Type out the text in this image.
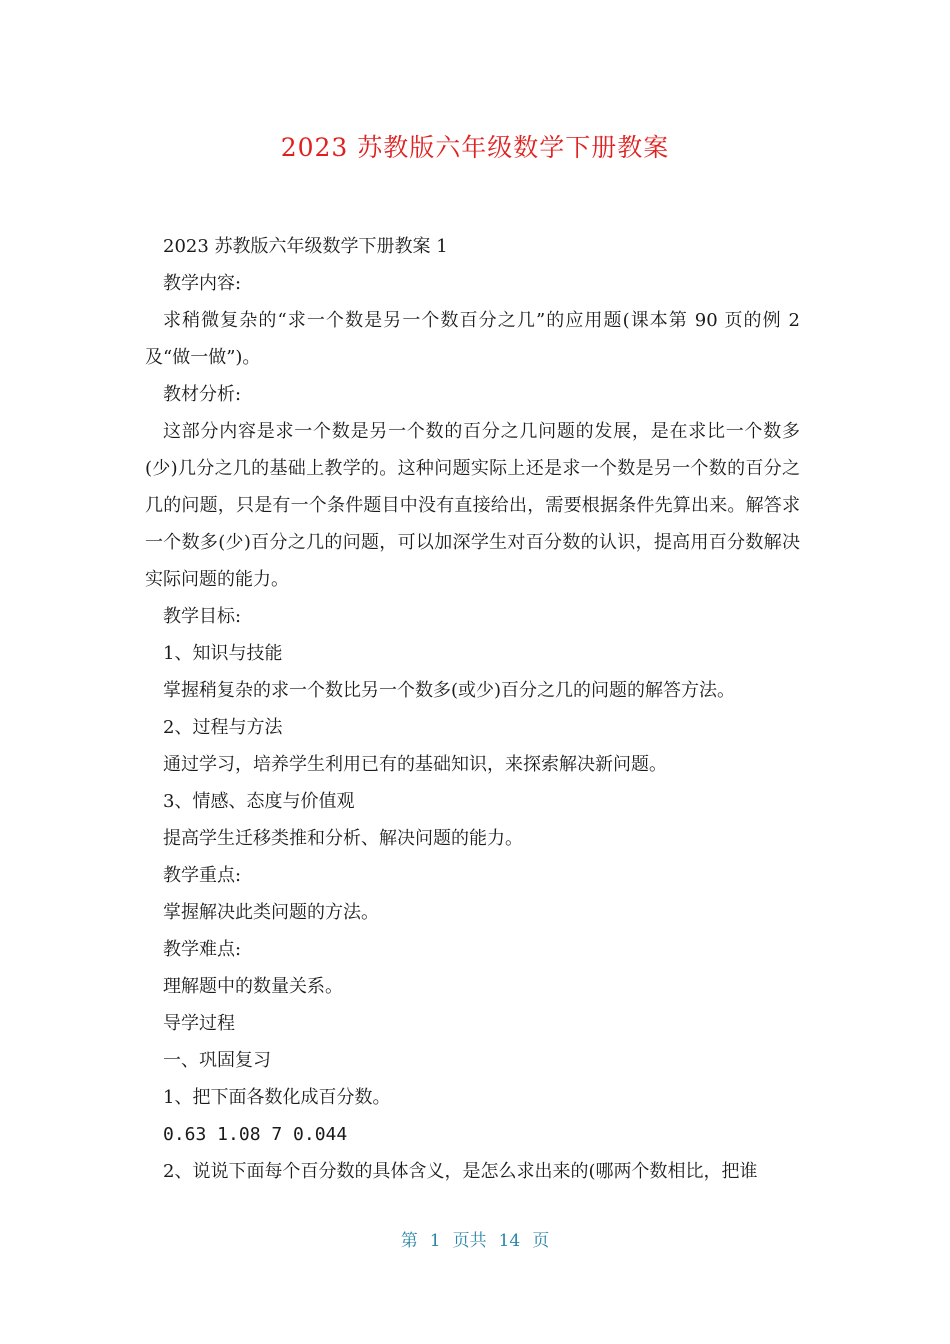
2023 苏教版六年级数学下册教案

2023 苏教版六年级数学下册教案 1

教学内容:

求稍微复杂的“求一个数是另一个数百分之几”的应用题(课本第 90 页的例 2 及“做一做”)。

教材分析:

这部分内容是求一个数是另一个数的百分之几问题的发展，是在求比一个数多(少)几分之几的基础上教学的。这种问题实际上还是求一个数是另一个数的百分之几的问题，只是有一个条件题目中没有直接给出，需要根据条件先算出来。解答求一个数多(少)百分之几的问题，可以加深学生对百分数的认识，提高用百分数解决实际问题的能力。

教学目标:

1、知识与技能

掌握稍复杂的求一个数比另一个数多(或少)百分之几的问题的解答方法。

2、过程与方法

通过学习，培养学生利用已有的基础知识，来探索解决新问题。

3、情感、态度与价值观

提高学生迁移类推和分析、解决问题的能力。

教学重点:

掌握解决此类问题的方法。

教学难点:

理解题中的数量关系。

导学过程

一、巩固复习

1、把下面各数化成百分数。

0.63 1.08 7 0.044

2、说说下面每个百分数的具体含义，是怎么求出来的(哪两个数相比，把谁

第 1 页共 14 页
